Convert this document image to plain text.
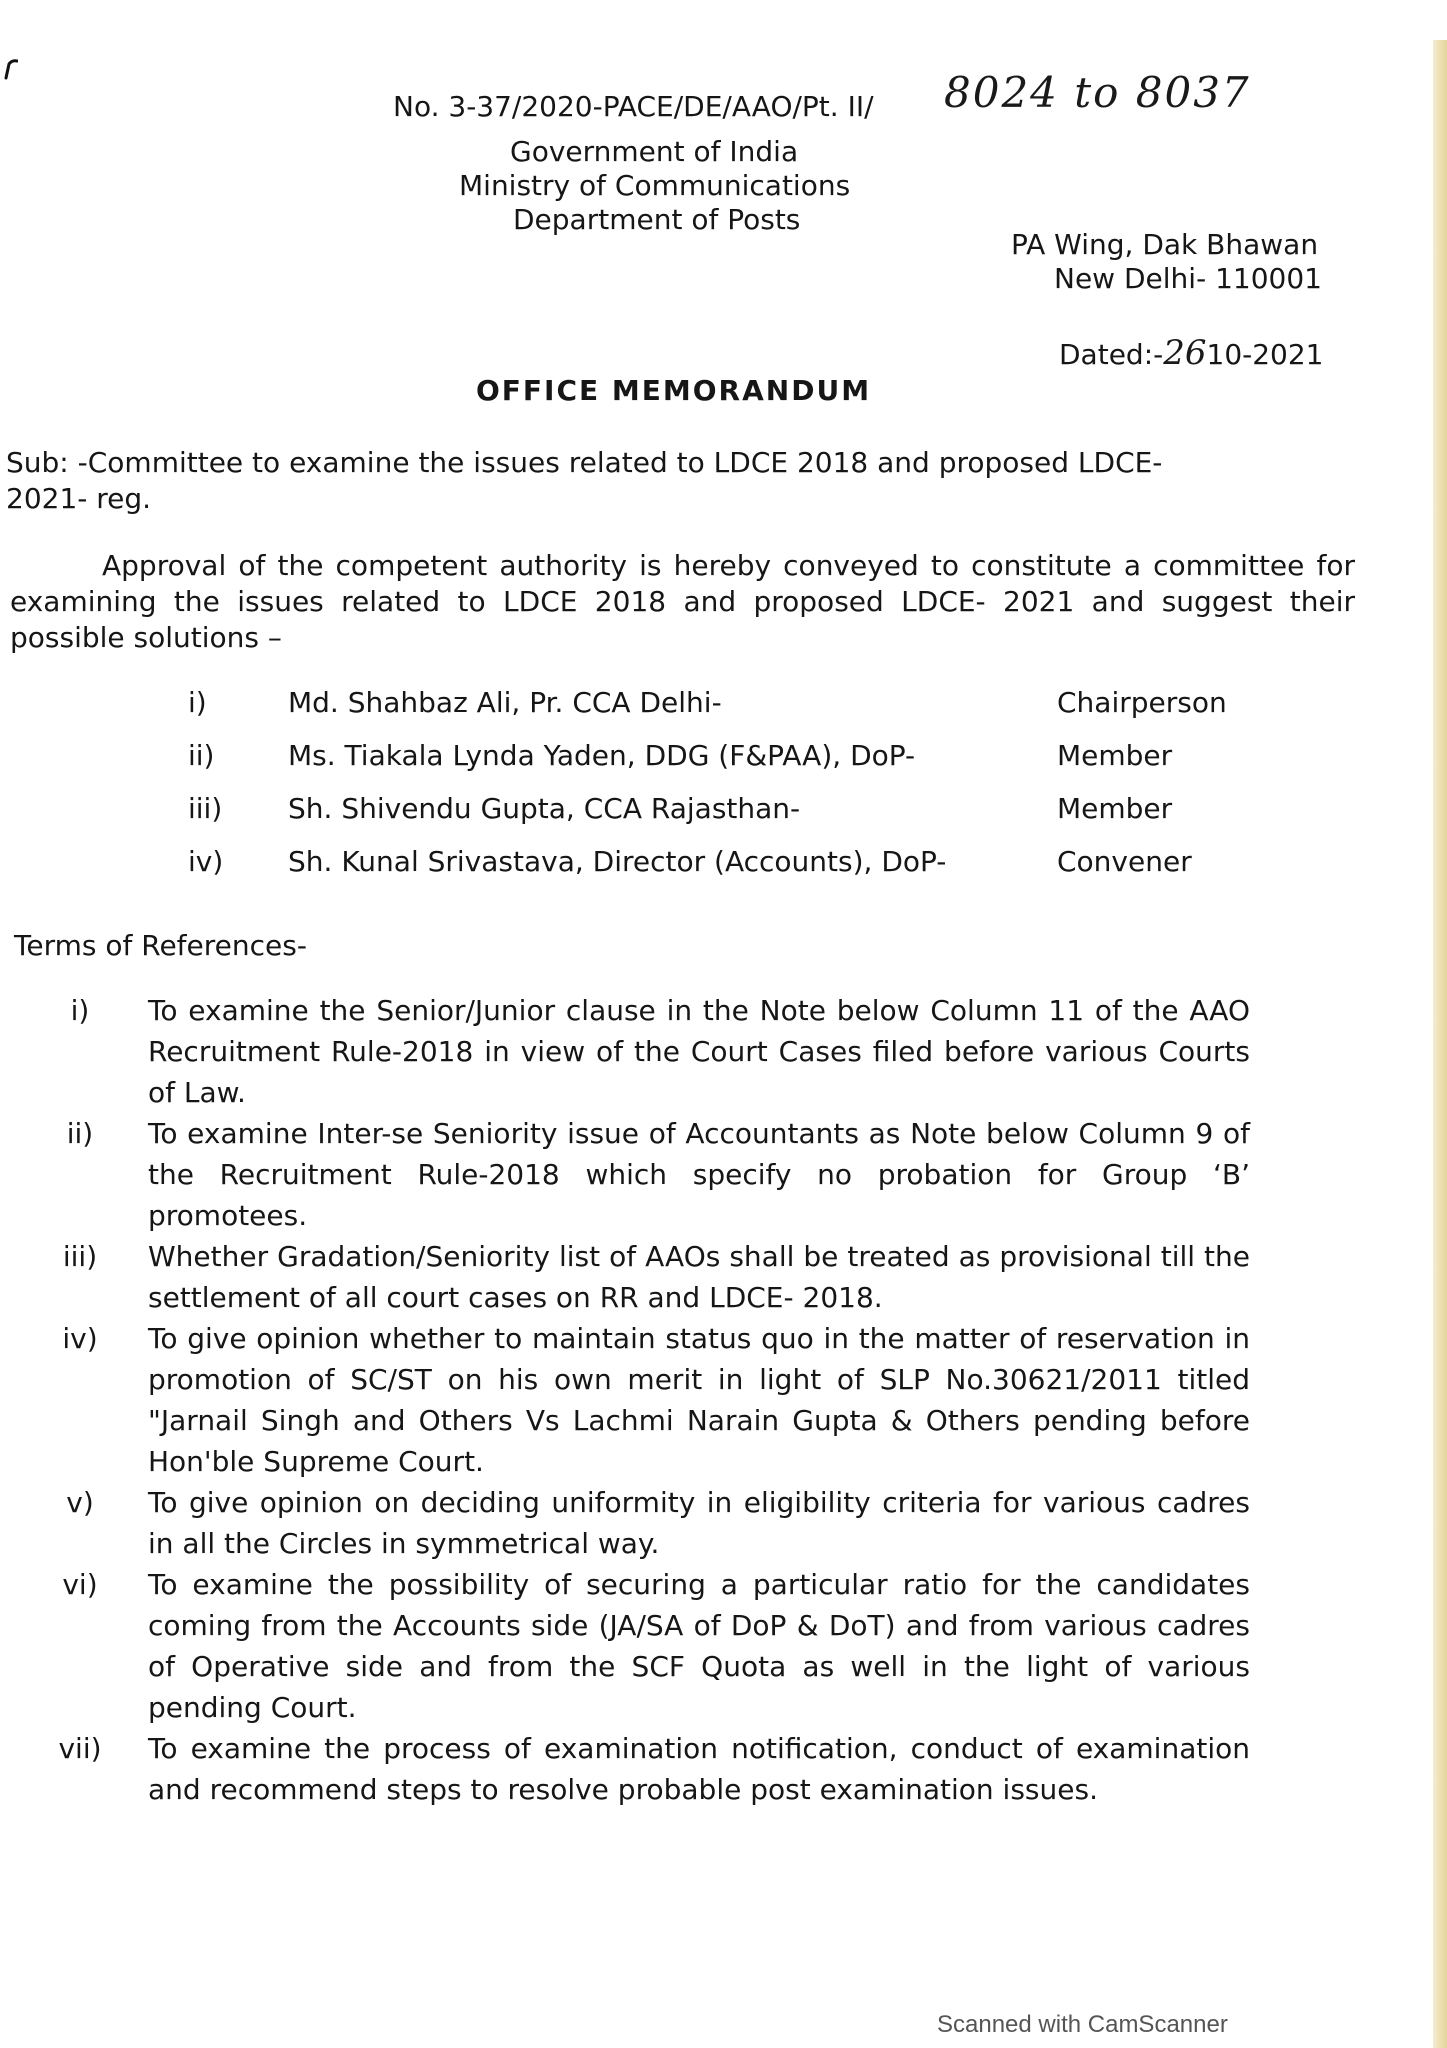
No. 3-37/2020-PACE/DE/AAO/Pt. II/ 8024 to 8037
Government of India
Ministry of Communications
Department of Posts
PA Wing, Dak Bhawan
New Delhi- 110001
Dated:-2610-2021
OFFICE MEMORANDUM
Sub: -Committee to examine the issues related to LDCE 2018 and proposed LDCE-
2021- reg.
Approval of the competent authority is hereby conveyed to constitute a committee for examining the issues related to LDCE 2018 and proposed LDCE- 2021 and suggest their possible solutions –
i)	Md. Shahbaz Ali, Pr. CCA Delhi-	Chairperson
ii)	Ms. Tiakala Lynda Yaden, DDG (F&PAA), DoP-	Member
iii) Sh. Shivendu Gupta, CCA Rajasthan-	Member
iv) Sh. Kunal Srivastava, Director (Accounts), DoP-	Convener
Terms of References-
i)	To examine the Senior/Junior clause in the Note below Column 11 of the AAO Recruitment Rule-2018 in view of the Court Cases filed before various Courts of Law.
ii)	To examine Inter-se Seniority issue of Accountants as Note below Column 9 of the Recruitment Rule-2018 which specify no probation for Group ‘B’ promotees.
iii)	Whether Gradation/Seniority list of AAOs shall be treated as provisional till the settlement of all court cases on RR and LDCE- 2018.
iv)	To give opinion whether to maintain status quo in the matter of reservation in promotion of SC/ST on his own merit in light of SLP No.30621/2011 titled "Jarnail Singh and Others Vs Lachmi Narain Gupta & Others pending before Hon'ble Supreme Court.
v)	To give opinion on deciding uniformity in eligibility criteria for various cadres in all the Circles in symmetrical way.
vi)	To examine the possibility of securing a particular ratio for the candidates coming from the Accounts side (JA/SA of DoP & DoT) and from various cadres of Operative side and from the SCF Quota as well in the light of various pending Court.
vii)	To examine the process of examination notification, conduct of examination and recommend steps to resolve probable post examination issues.
Scanned with CamScanner
